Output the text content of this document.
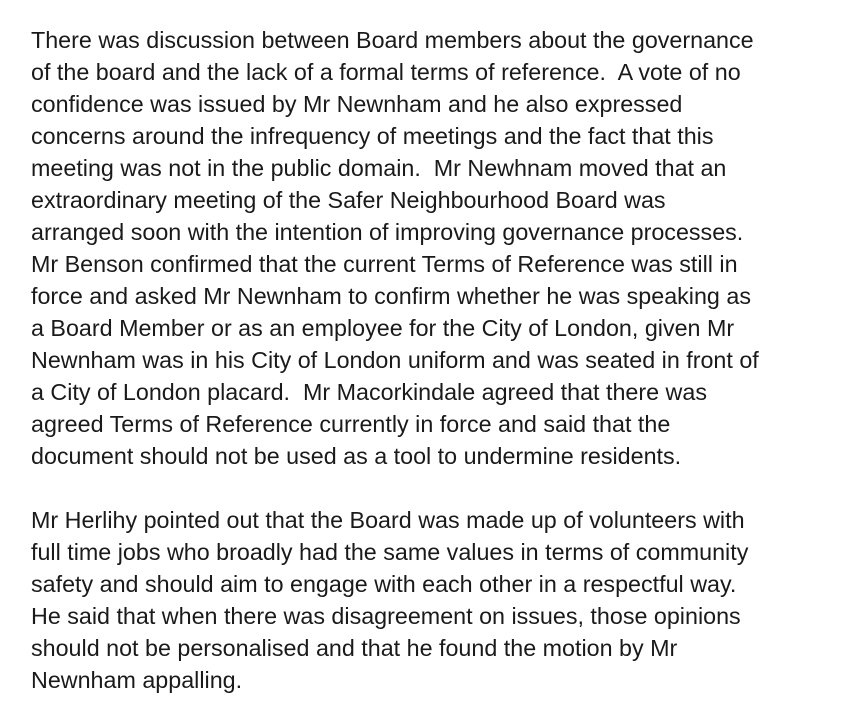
There was discussion between Board members about the governance
of the board and the lack of a formal terms of reference.  A vote of no
confidence was issued by Mr Newnham and he also expressed
concerns around the infrequency of meetings and the fact that this
meeting was not in the public domain.  Mr Newhnam moved that an
extraordinary meeting of the Safer Neighbourhood Board was
arranged soon with the intention of improving governance processes.
Mr Benson confirmed that the current Terms of Reference was still in
force and asked Mr Newnham to confirm whether he was speaking as
a Board Member or as an employee for the City of London, given Mr
Newnham was in his City of London uniform and was seated in front of
a City of London placard.  Mr Macorkindale agreed that there was
agreed Terms of Reference currently in force and said that the
document should not be used as a tool to undermine residents.
Mr Herlihy pointed out that the Board was made up of volunteers with
full time jobs who broadly had the same values in terms of community
safety and should aim to engage with each other in a respectful way.
He said that when there was disagreement on issues, those opinions
should not be personalised and that he found the motion by Mr
Newnham appalling.
